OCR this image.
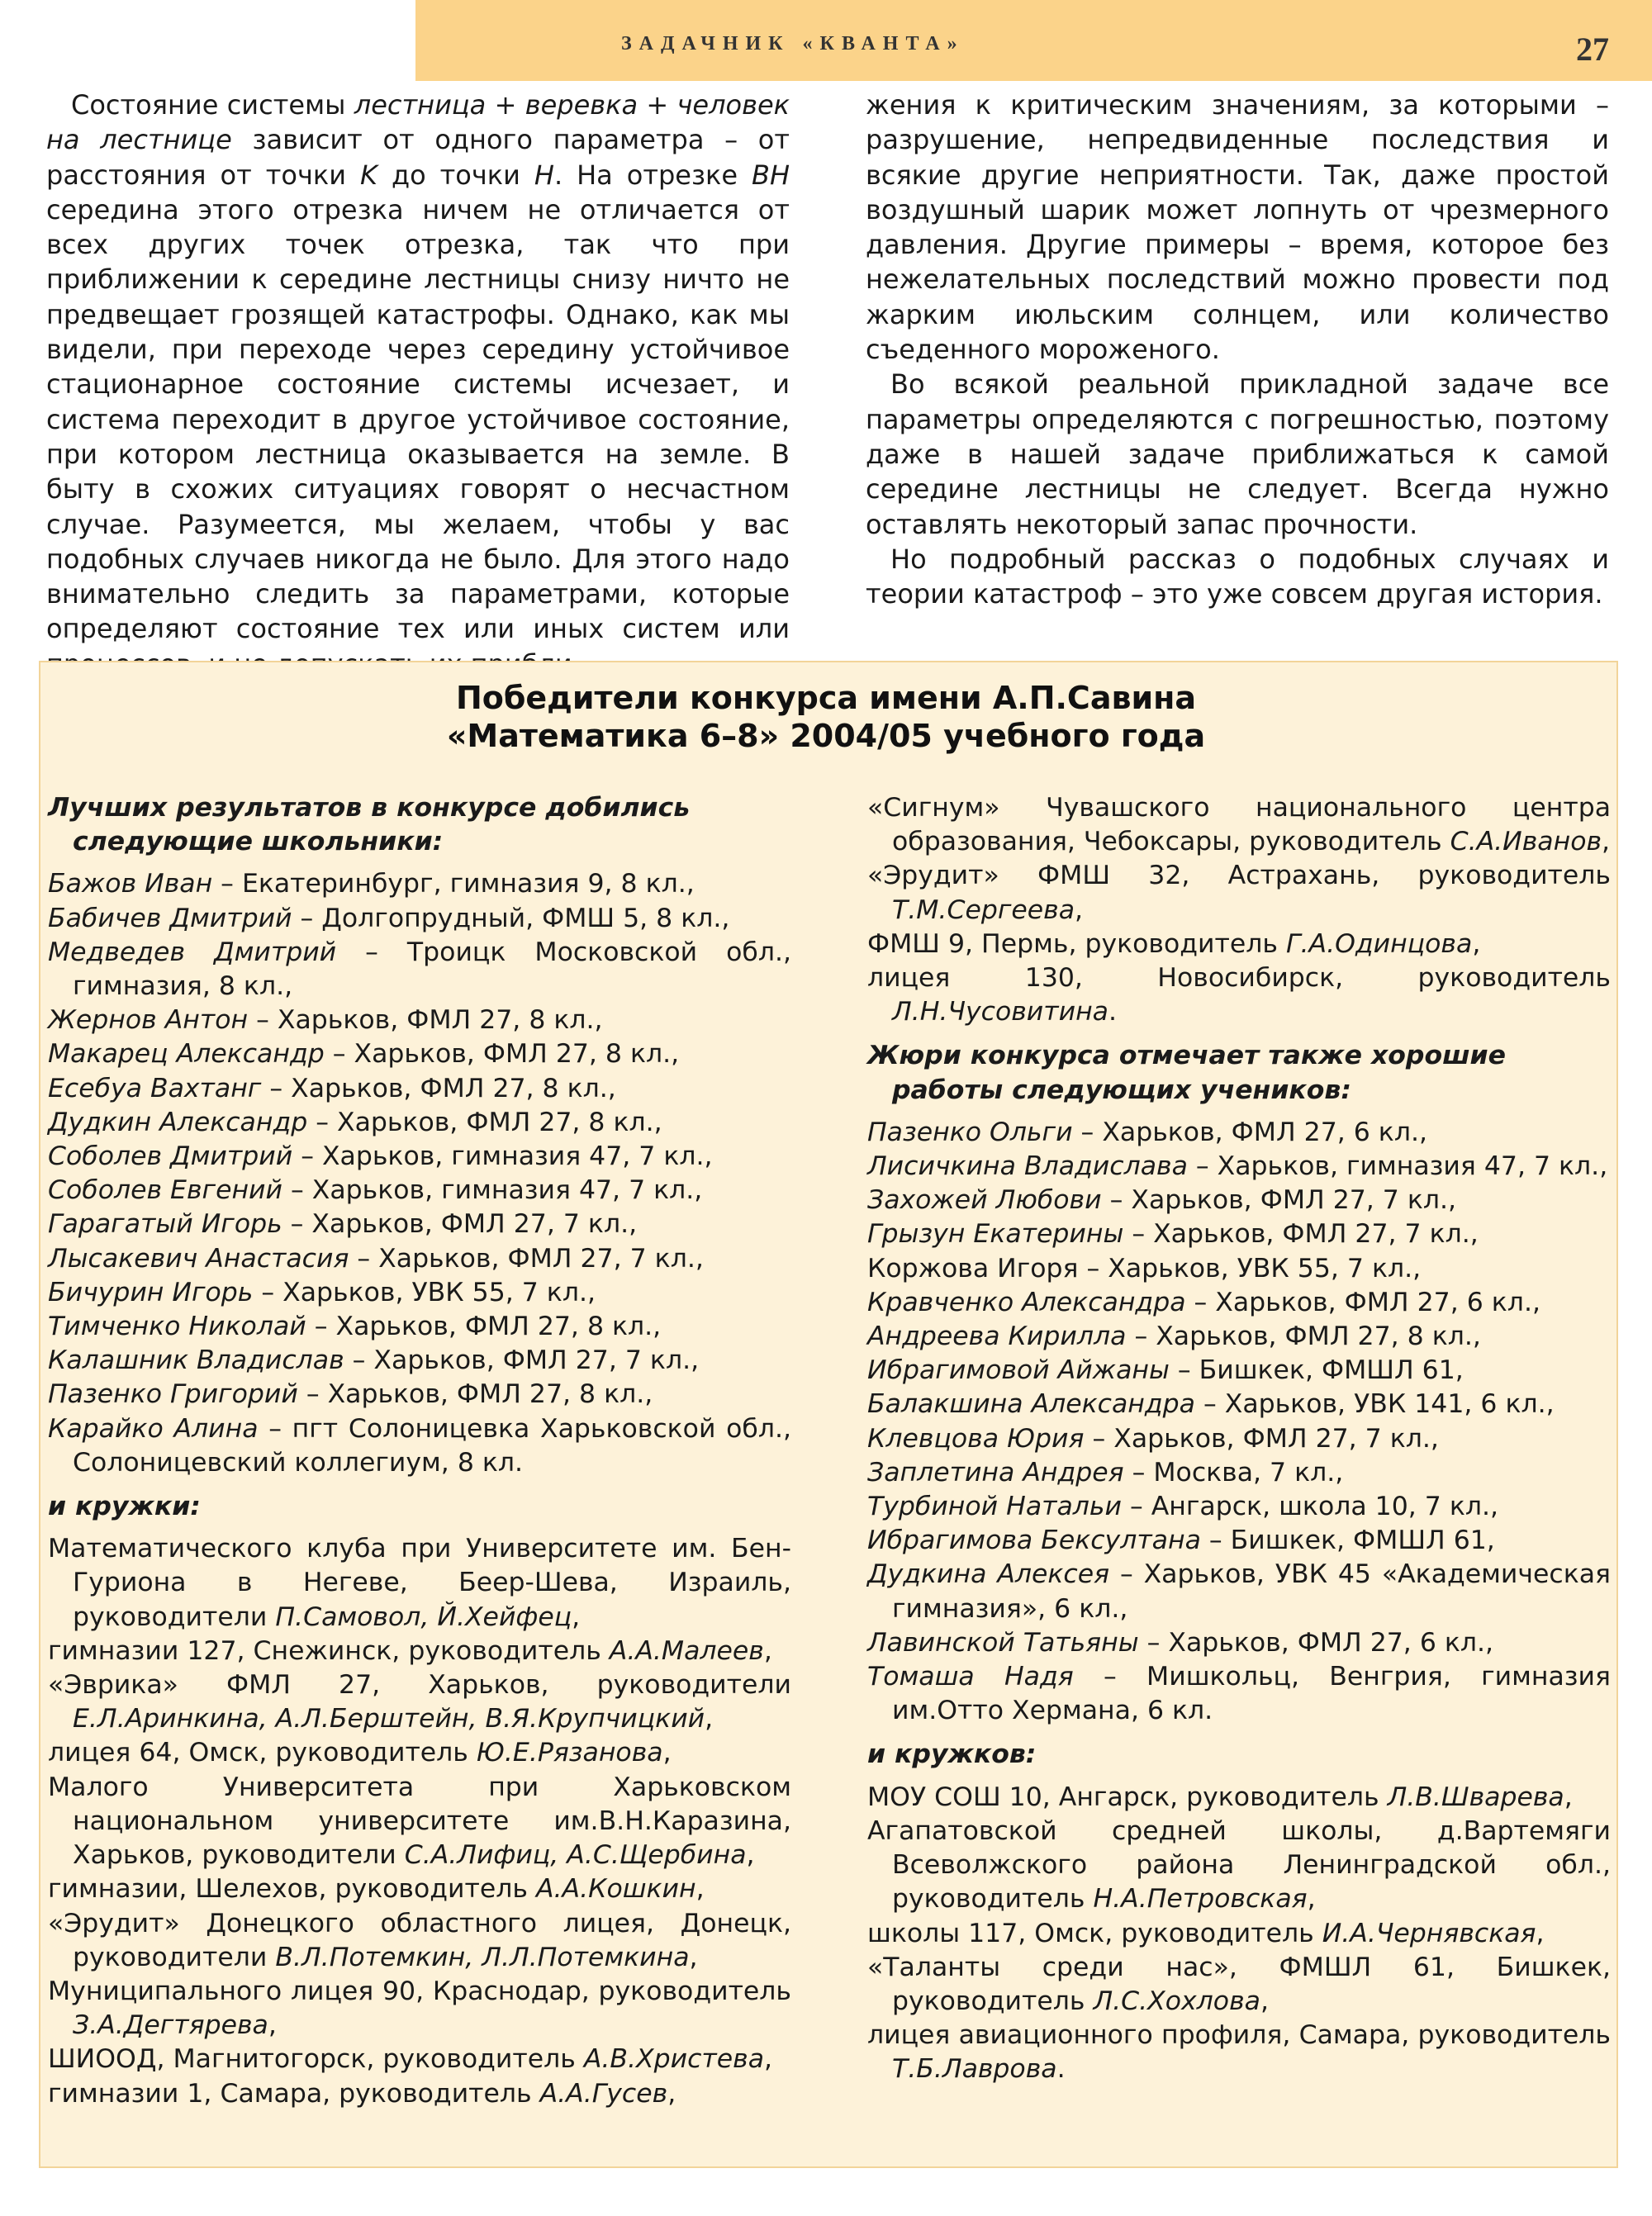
ЗАДАЧНИК «КВАНТА»	27

Состояние системы лестница + веревка + человек на лестнице зависит от одного параметра – от расстояния от точки K до точки H. На отрезке BH середина этого отрезка ничем не отличается от всех других точек отрезка, так что при приближении к середине лестницы снизу ничто не предвещает грозящей катастрофы. Однако, как мы видели, при переходе через середину устойчивое стационарное состояние системы исчезает, и система переходит в другое устойчивое состояние, при котором лестница оказывается на земле. В быту в схожих ситуациях говорят о несчастном случае. Разумеется, мы желаем, чтобы у вас подобных случаев никогда не было. Для этого надо внимательно следить за параметрами, которые определяют состояние тех или иных систем или

жения к критическим значениям, за которыми – разрушение, непредвиденные последствия и всякие другие неприятности. Так, даже простой воздушный шарик может лопнуть от чрезмерного давления. Другие примеры – время, которое без нежелательных последствий можно провести под жарким июльским солнцем, или количество съеденного мороженого.

Во всякой реальной прикладной задаче все параметры определяются с погрешностью, поэтому даже в нашей задаче приближаться к самой середине лестницы не следует. Всегда нужно оставлять некоторый запас прочности.

Но подробный рассказ о подобных случаях и теории катастроф – это уже совсем другая история.

Победители конкурса имени А.П.Савина
«Математика 6–8» 2004/05 учебного года
Лучших результатов в конкурсе добились следующие школьники:
Бажов Иван – Екатеринбург, гимназия 9, 8 кл.,
Бабичев Дмитрий – Долгопрудный, ФМШ 5, 8 кл.,
Медведев Дмитрий – Троицк Московской обл., гимназия, 8 кл.,
Жернов Антон – Харьков, ФМЛ 27, 8 кл.,
Макарец Александр – Харьков, ФМЛ 27, 8 кл.,
Есебуа Вахтанг – Харьков, ФМЛ 27, 8 кл.,
Дудкин Александр – Харьков, ФМЛ 27, 8 кл.,
Соболев Дмитрий – Харьков, гимназия 47, 7 кл.,
Соболев Евгений – Харьков, гимназия 47, 7 кл.,
Гарагатый Игорь – Харьков, ФМЛ 27, 7 кл.,
Лысакевич Анастасия – Харьков, ФМЛ 27, 7 кл.,
Бичурин Игорь – Харьков, УВК 55, 7 кл.,
Тимченко Николай – Харьков, ФМЛ 27, 8 кл.,
Калашник Владислав – Харьков, ФМЛ 27, 7 кл.,
Пазенко Григорий – Харьков, ФМЛ 27, 8 кл.,
Карайко Алина – пгт Солоницевка Харьковской обл., Солоницевский коллегиум, 8 кл.
и кружки:
Математического клуба при Университете им. Бен-Гуриона в Негеве, Беер-Шева, Израиль, руководители П.Самовол, Й.Хейфец,
гимназии 127, Снежинск, руководитель А.А.Малеев,
«Эврика» ФМЛ 27, Харьков, руководители Е.Л.Аринкина, А.Л.Берштейн, В.Я.Крупчицкий,
лицея 64, Омск, руководитель Ю.Е.Рязанова,
Малого Университета при Харьковском национальном университете им.В.Н.Каразина, Харьков, руководители С.А.Лифиц, А.С.Щербина,
гимназии, Шелехов, руководитель А.А.Кошкин,
«Эрудит» Донецкого областного лицея, Донецк, руководители В.Л.Потемкин, Л.Л.Потемкина,
Муниципального лицея 90, Краснодар, руководитель З.А.Дегтярева,
ШИООД, Магнитогорск, руководитель А.В.Христева,
гимназии 1, Самара, руководитель А.А.Гусев,
«Сигнум» Чувашского национального центра образования, Чебоксары, руководитель С.А.Иванов,
«Эрудит» ФМШ 32, Астрахань, руководитель Т.М.Сергеева,
ФМШ 9, Пермь, руководитель Г.А.Одинцова,
лицея 130, Новосибирск, руководитель Л.Н.Чусовитина.
Жюри конкурса отмечает также хорошие работы следующих учеников:
Пазенко Ольги – Харьков, ФМЛ 27, 6 кл.,
Лисичкина Владислава – Харьков, гимназия 47, 7 кл.,
Захожей Любови – Харьков, ФМЛ 27, 7 кл.,
Грызун Екатерины – Харьков, ФМЛ 27, 7 кл.,
Коржова Игоря – Харьков, УВК 55, 7 кл.,
Кравченко Александра – Харьков, ФМЛ 27, 6 кл.,
Андреева Кирилла – Харьков, ФМЛ 27, 8 кл.,
Ибрагимовой Айжаны – Бишкек, ФМШЛ 61,
Балакшина Александра – Харьков, УВК 141, 6 кл.,
Клевцова Юрия – Харьков, ФМЛ 27, 7 кл.,
Заплетина Андрея – Москва, 7 кл.,
Турбиной Натальи – Ангарск, школа 10, 7 кл.,
Ибрагимова Бексултана – Бишкек, ФМШЛ 61,
Дудкина Алексея – Харьков, УВК 45 «Академическая гимназия», 6 кл.,
Лавинской Татьяны – Харьков, ФМЛ 27, 6 кл.,
Томаша Надя – Мишкольц, Венгрия, гимназия им.Отто Хермана, 6 кл.
и кружков:
МОУ СОШ 10, Ангарск, руководитель Л.В.Шварева,
Агапатовской средней школы, д.Вартемяги Всеволжского района Ленинградской обл., руководитель Н.А.Петровская,
школы 117, Омск, руководитель И.А.Чернявская,
«Таланты среди нас», ФМШЛ 61, Бишкек, руководитель Л.С.Хохлова,
лицея авиационного профиля, Самара, руководитель Т.Б.Лаврова.
